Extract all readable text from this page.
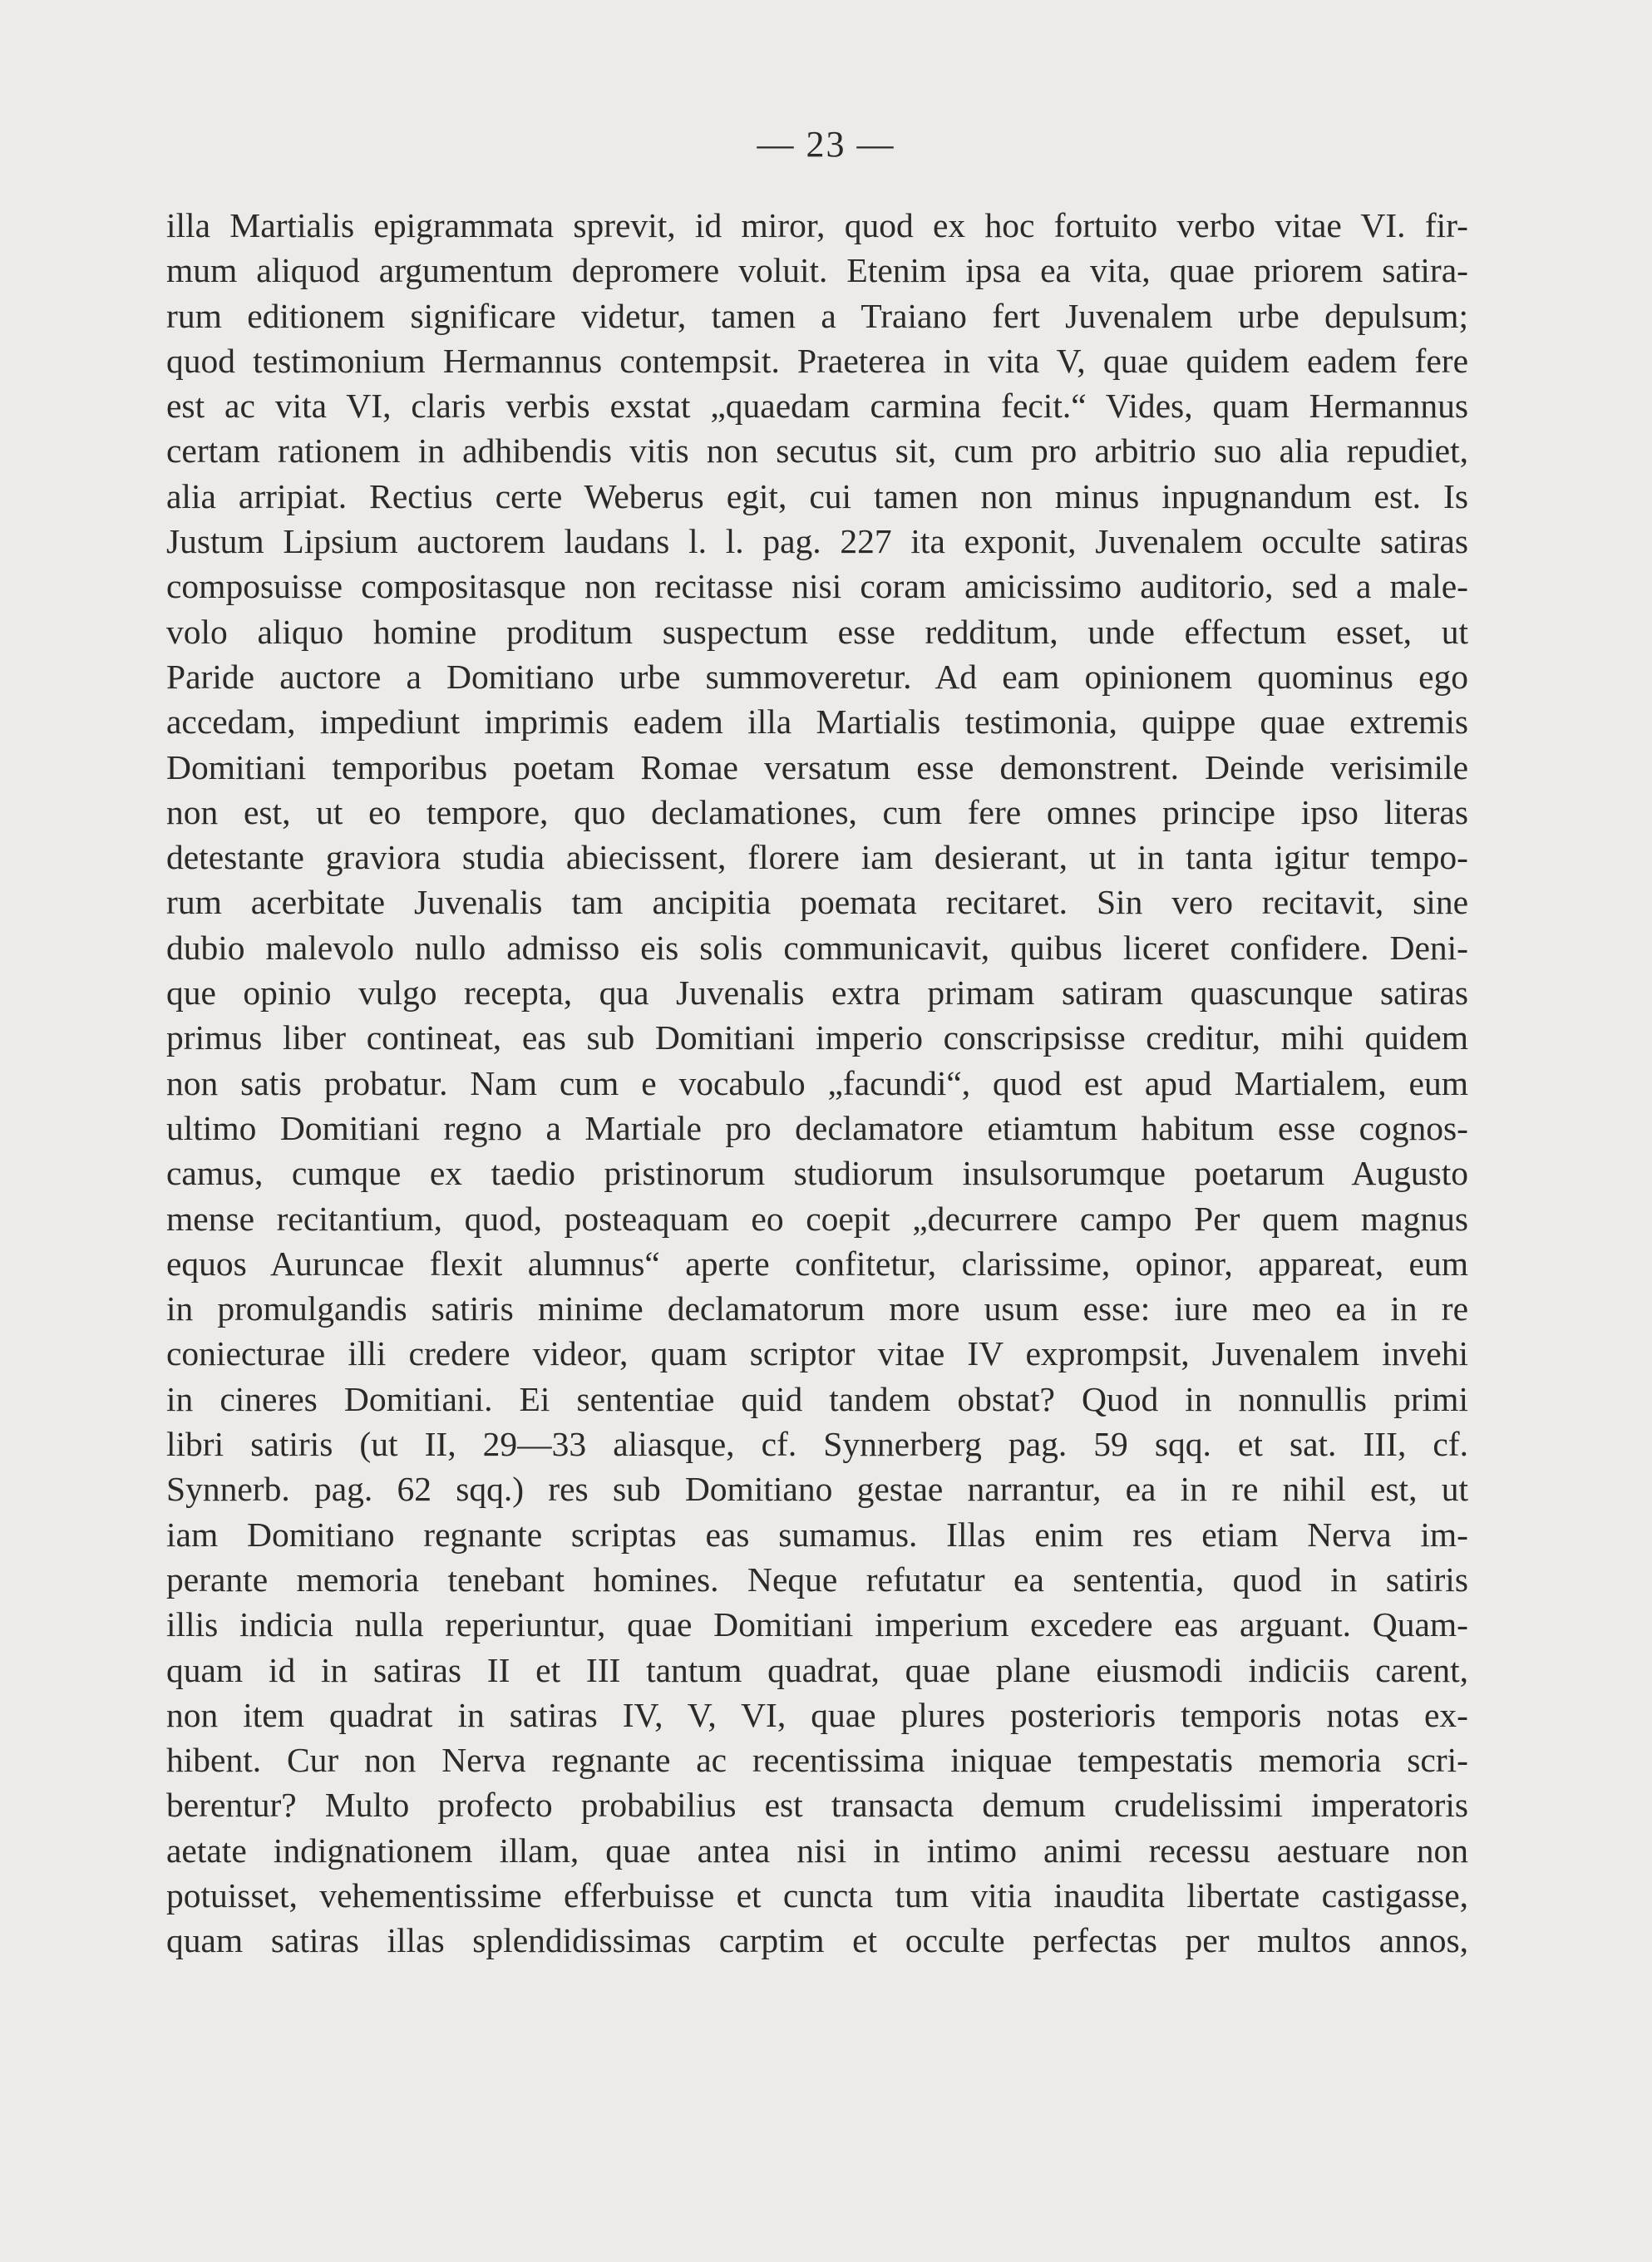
— 23 —
illa Martialis epigrammata sprevit, id miror, quod ex hoc fortuito verbo vitae VI. fir-
mum aliquod argumentum depromere voluit. Etenim ipsa ea vita, quae priorem satira-
rum editionem significare videtur, tamen a Traiano fert Juvenalem urbe depulsum;
quod testimonium Hermannus contempsit. Praeterea in vita V, quae quidem eadem fere
est ac vita VI, claris verbis exstat „quaedam carmina fecit.“ Vides, quam Hermannus
certam rationem in adhibendis vitis non secutus sit, cum pro arbitrio suo alia repudiet,
alia arripiat. Rectius certe Weberus egit, cui tamen non minus inpugnandum est. Is
Justum Lipsium auctorem laudans l. l. pag. 227 ita exponit, Juvenalem occulte satiras
composuisse compositasque non recitasse nisi coram amicissimo auditorio, sed a male-
volo aliquo homine proditum suspectum esse redditum, unde effectum esset, ut
Paride auctore a Domitiano urbe summoveretur. Ad eam opinionem quominus ego
accedam, impediunt imprimis eadem illa Martialis testimonia, quippe quae extremis
Domitiani temporibus poetam Romae versatum esse demonstrent. Deinde verisimile
non est, ut eo tempore, quo declamationes, cum fere omnes principe ipso literas
detestante graviora studia abiecissent, florere iam desierant, ut in tanta igitur tempo-
rum acerbitate Juvenalis tam ancipitia poemata recitaret. Sin vero recitavit, sine
dubio malevolo nullo admisso eis solis communicavit, quibus liceret confidere. Deni-
que opinio vulgo recepta, qua Juvenalis extra primam satiram quascunque satiras
primus liber contineat, eas sub Domitiani imperio conscripsisse creditur, mihi quidem
non satis probatur. Nam cum e vocabulo „facundi“, quod est apud Martialem, eum
ultimo Domitiani regno a Martiale pro declamatore etiamtum habitum esse cognos-
camus, cumque ex taedio pristinorum studiorum insulsorumque poetarum Augusto
mense recitantium, quod, posteaquam eo coepit „decurrere campo Per quem magnus
equos Auruncae flexit alumnus“ aperte confitetur, clarissime, opinor, appareat, eum
in promulgandis satiris minime declamatorum more usum esse: iure meo ea in re
coniecturae illi credere videor, quam scriptor vitae IV exprompsit, Juvenalem invehi
in cineres Domitiani. Ei sententiae quid tandem obstat? Quod in nonnullis primi
libri satiris (ut II, 29—33 aliasque, cf. Synnerberg pag. 59 sqq. et sat. III, cf.
Synnerb. pag. 62 sqq.) res sub Domitiano gestae narrantur, ea in re nihil est, ut
iam Domitiano regnante scriptas eas sumamus. Illas enim res etiam Nerva im-
perante memoria tenebant homines. Neque refutatur ea sententia, quod in satiris
illis indicia nulla reperiuntur, quae Domitiani imperium excedere eas arguant. Quam-
quam id in satiras II et III tantum quadrat, quae plane eiusmodi indiciis carent,
non item quadrat in satiras IV, V, VI, quae plures posterioris temporis notas ex-
hibent. Cur non Nerva regnante ac recentissima iniquae tempestatis memoria scri-
berentur? Multo profecto probabilius est transacta demum crudelissimi imperatoris
aetate indignationem illam, quae antea nisi in intimo animi recessu aestuare non
potuisset, vehementissime efferbuisse et cuncta tum vitia inaudita libertate castigasse,
quam satiras illas splendidissimas carptim et occulte perfectas per multos annos,
